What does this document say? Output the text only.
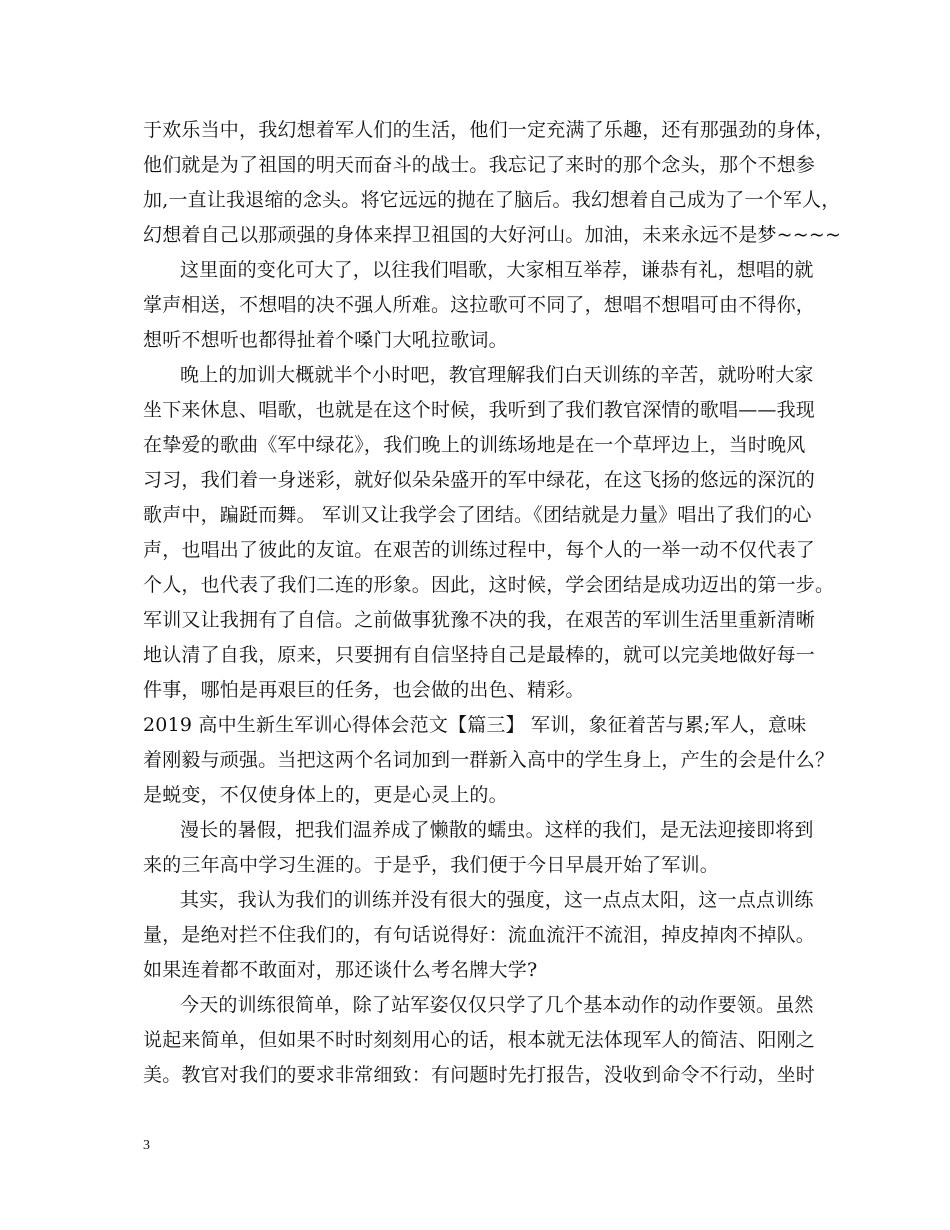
于欢乐当中，我幻想着军人们的生活，他们一定充满了乐趣，还有那强劲的身体，
他们就是为了祖国的明天而奋斗的战士。我忘记了来时的那个念头，那个不想参
加,一直让我退缩的念头。将它远远的抛在了脑后。我幻想着自己成为了一个军人，
幻想着自己以那顽强的身体来捍卫祖国的大好河山。加油，未来永远不是梦~~~~
这里面的变化可大了，以往我们唱歌，大家相互举荐，谦恭有礼，想唱的就
掌声相送，不想唱的决不强人所难。这拉歌可不同了，想唱不想唱可由不得你，
想听不想听也都得扯着个嗓门大吼拉歌词。
晚上的加训大概就半个小时吧，教官理解我们白天训练的辛苦，就吩咐大家
坐下来休息、唱歌，也就是在这个时候，我听到了我们教官深情的歌唱——我现
在挚爱的歌曲《军中绿花》，我们晚上的训练场地是在一个草坪边上，当时晚风
习习，我们着一身迷彩，就好似朵朵盛开的军中绿花，在这飞扬的悠远的深沉的
歌声中，蹁跹而舞。 军训又让我学会了团结。《团结就是力量》唱出了我们的心
声，也唱出了彼此的友谊。在艰苦的训练过程中，每个人的一举一动不仅代表了
个人，也代表了我们二连的形象。因此，这时候，学会团结是成功迈出的第一步。
军训又让我拥有了自信。之前做事犹豫不决的我，在艰苦的军训生活里重新清晰
地认清了自我，原来，只要拥有自信坚持自己是最棒的，就可以完美地做好每一
件事，哪怕是再艰巨的任务，也会做的出色、精彩。
2019 高中生新生军训心得体会范文【篇三】 军训，象征着苦与累;军人，意味
着刚毅与顽强。当把这两个名词加到一群新入高中的学生身上，产生的会是什么？
是蜕变，不仅使身体上的，更是心灵上的。
漫长的暑假，把我们温养成了懒散的蠕虫。这样的我们，是无法迎接即将到
来的三年高中学习生涯的。于是乎，我们便于今日早晨开始了军训。
其实，我认为我们的训练并没有很大的强度，这一点点太阳，这一点点训练
量，是绝对拦不住我们的，有句话说得好：流血流汗不流泪，掉皮掉肉不掉队。
如果连着都不敢面对，那还谈什么考名牌大学?
今天的训练很简单，除了站军姿仅仅只学了几个基本动作的动作要领。虽然
说起来简单，但如果不时时刻刻用心的话，根本就无法体现军人的简洁、阳刚之
美。教官对我们的要求非常细致：有问题时先打报告，没收到命令不行动，坐时
3
